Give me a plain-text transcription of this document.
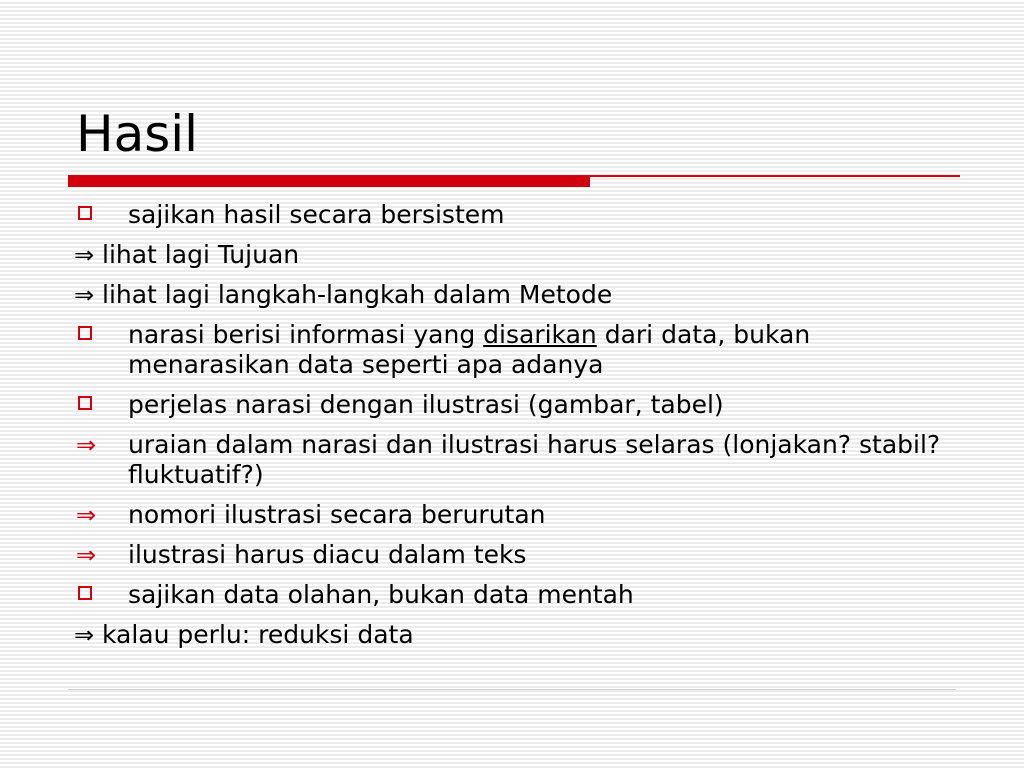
Hasil
sajikan hasil secara bersistem
⇒ lihat lagi Tujuan
⇒ lihat lagi langkah-langkah dalam Metode
narasi berisi informasi yang disarikan dari data, bukan menarasikan data seperti apa adanya
perjelas narasi dengan ilustrasi (gambar, tabel)
⇒ uraian dalam narasi dan ilustrasi harus selaras (lonjakan? stabil? fluktuatif?)
⇒ nomori ilustrasi secara berurutan
⇒ ilustrasi harus diacu dalam teks
sajikan data olahan, bukan data mentah
⇒ kalau perlu: reduksi data
